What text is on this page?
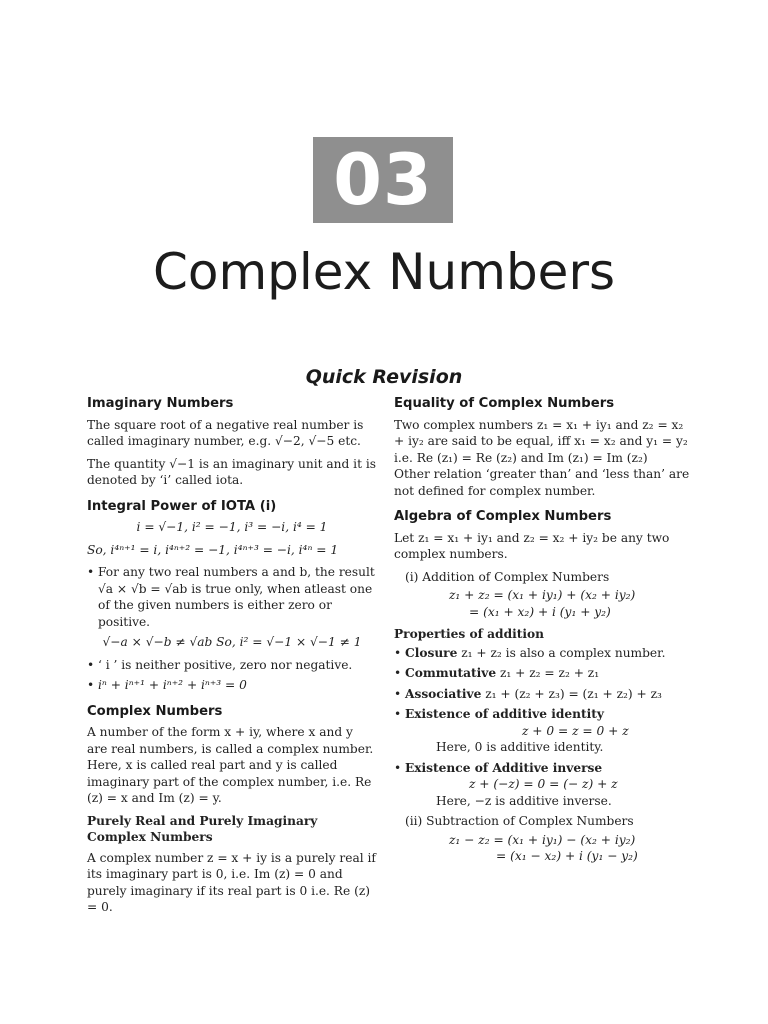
03
Complex Numbers
Quick Revision
Imaginary Numbers

The square root of a negative real number is called imaginary number, e.g. √−2, √−5 etc.

The quantity √−1 is an imaginary unit and it is denoted by ‘i’ called iota.

Integral Power of IOTA (i)

i = √−1, i² = −1, i³ = −i, i⁴ = 1

So, i⁴ⁿ⁺¹ = i, i⁴ⁿ⁺² = −1, i⁴ⁿ⁺³ = −i, i⁴ⁿ = 1

• For any two real numbers a and b, the result √a × √b = √ab is true only, when atleast one of the given numbers is either zero or positive.

√−a × √−b ≠ √ab So, i² = √−1 × √−1 ≠ 1

• ‘ i ’ is neither positive, zero nor negative.
• iⁿ + iⁿ⁺¹ + iⁿ⁺² + iⁿ⁺³ = 0
Complex Numbers

A number of the form x + iy, where x and y are real numbers, is called a complex number. Here, x is called real part and y is called imaginary part of the complex number, i.e. Re (z) = x and Im (z) = y.

Purely Real and Purely Imaginary Complex Numbers

A complex number z = x + iy is a purely real if its imaginary part is 0, i.e. Im (z) = 0 and purely imaginary if its real part is 0 i.e. Re (z) = 0.

Equality of Complex Numbers

Two complex numbers z₁ = x₁ + iy₁ and z₂ = x₂ + iy₂ are said to be equal, iff x₁ = x₂ and y₁ = y₂

i.e. Re (z₁) = Re (z₂) and Im (z₁) = Im (z₂)

Other relation ‘greater than’ and ‘less than’ are not defined for complex number.

Algebra of Complex Numbers

Let z₁ = x₁ + iy₁ and z₂ = x₂ + iy₂ be any two complex numbers.

(i) Addition of Complex Numbers

z₁ + z₂ = (x₁ + iy₁) + (x₂ + iy₂)

= (x₁ + x₂) + i (y₁ + y₂)

Properties of addition

• Closure z₁ + z₂ is also a complex number.
• Commutative z₁ + z₂ = z₂ + z₁
• Associative z₁ + (z₂ + z₃) = (z₁ + z₂) + z₃
• Existence of additive identity

z + 0 = z = 0 + z

Here, 0 is additive identity.

• Existence of Additive inverse

z + (−z) = 0 = (− z) + z

Here, −z is additive inverse.

(ii) Subtraction of Complex Numbers

z₁ − z₂ = (x₁ + iy₁) − (x₂ + iy₂)

= (x₁ − x₂) + i (y₁ − y₂)
